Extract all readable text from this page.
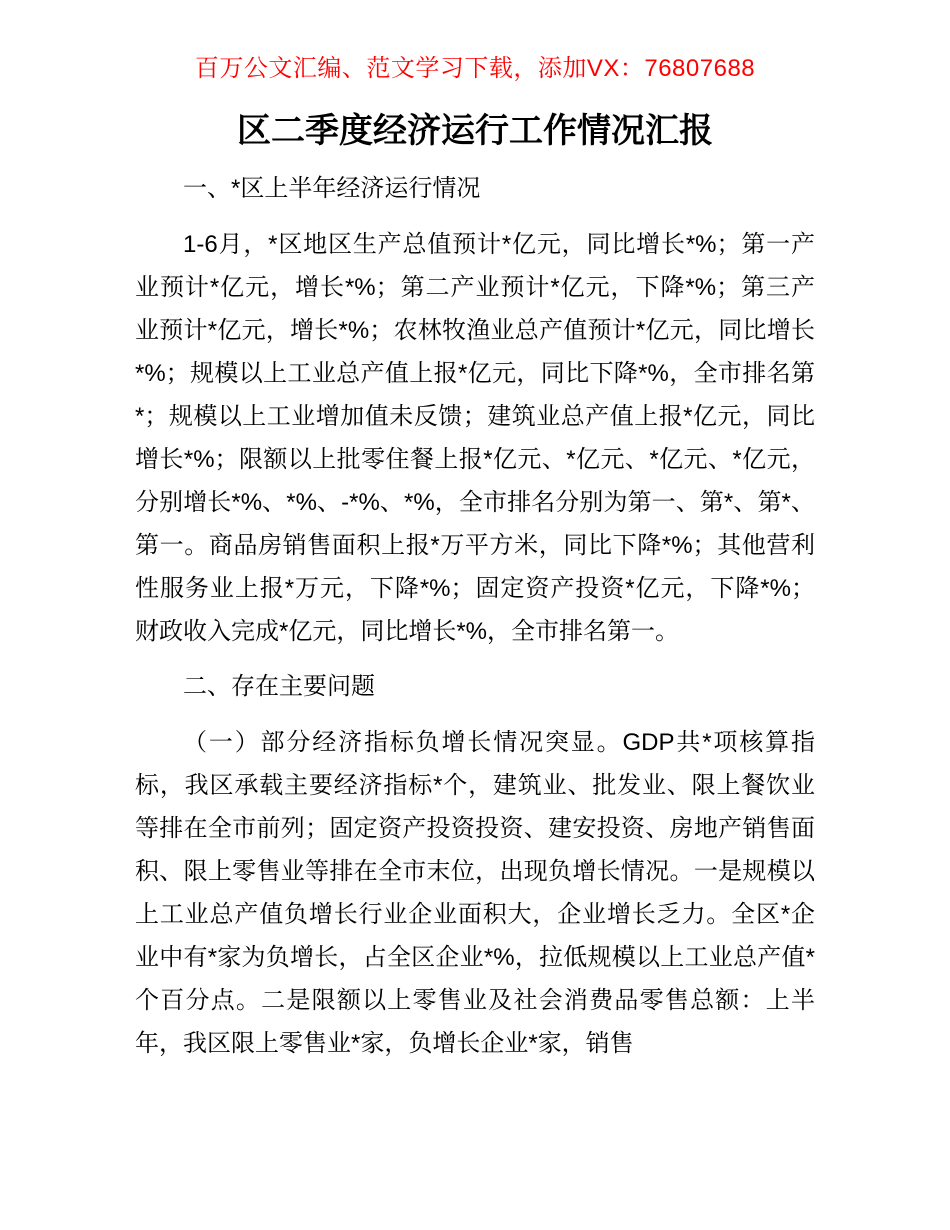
百万公文汇编、范文学习下载，添加VX：76807688
区二季度经济运行工作情况汇报

一、*区上半年经济运行情况

1-6月，*区地区生产总值预计*亿元，同比增长*%；第一产业预计*亿元，增长*%；第二产业预计*亿元，下降*%；第三产业预计*亿元，增长*%；农林牧渔业总产值预计*亿元，同比增长*%；规模以上工业总产值上报*亿元，同比下降*%，全市排名第*；规模以上工业增加值未反馈；建筑业总产值上报*亿元，同比增长*%；限额以上批零住餐上报*亿元、*亿元、*亿元、*亿元，分别增长*%、*%、-*%、*%，全市排名分别为第一、第*、第*、第一。商品房销售面积上报*万平方米，同比下降*%；其他营利性服务业上报*万元，下降*%；固定资产投资*亿元，下降*%；财政收入完成*亿元，同比增长*%，全市排名第一。

二、存在主要问题

（一）部分经济指标负增长情况突显。GDP共*项核算指标，我区承载主要经济指标*个，建筑业、批发业、限上餐饮业等排在全市前列；固定资产投资投资、建安投资、房地产销售面积、限上零售业等排在全市末位，出现负增长情况。一是规模以上工业总产值负增长行业企业面积大，企业增长乏力。全区*企业中有*家为负增长，占全区企业*%，拉低规模以上工业总产值*个百分点。二是限额以上零售业及社会消费品零售总额：上半年，我区限上零售业*家，负增长企业*家，销售
